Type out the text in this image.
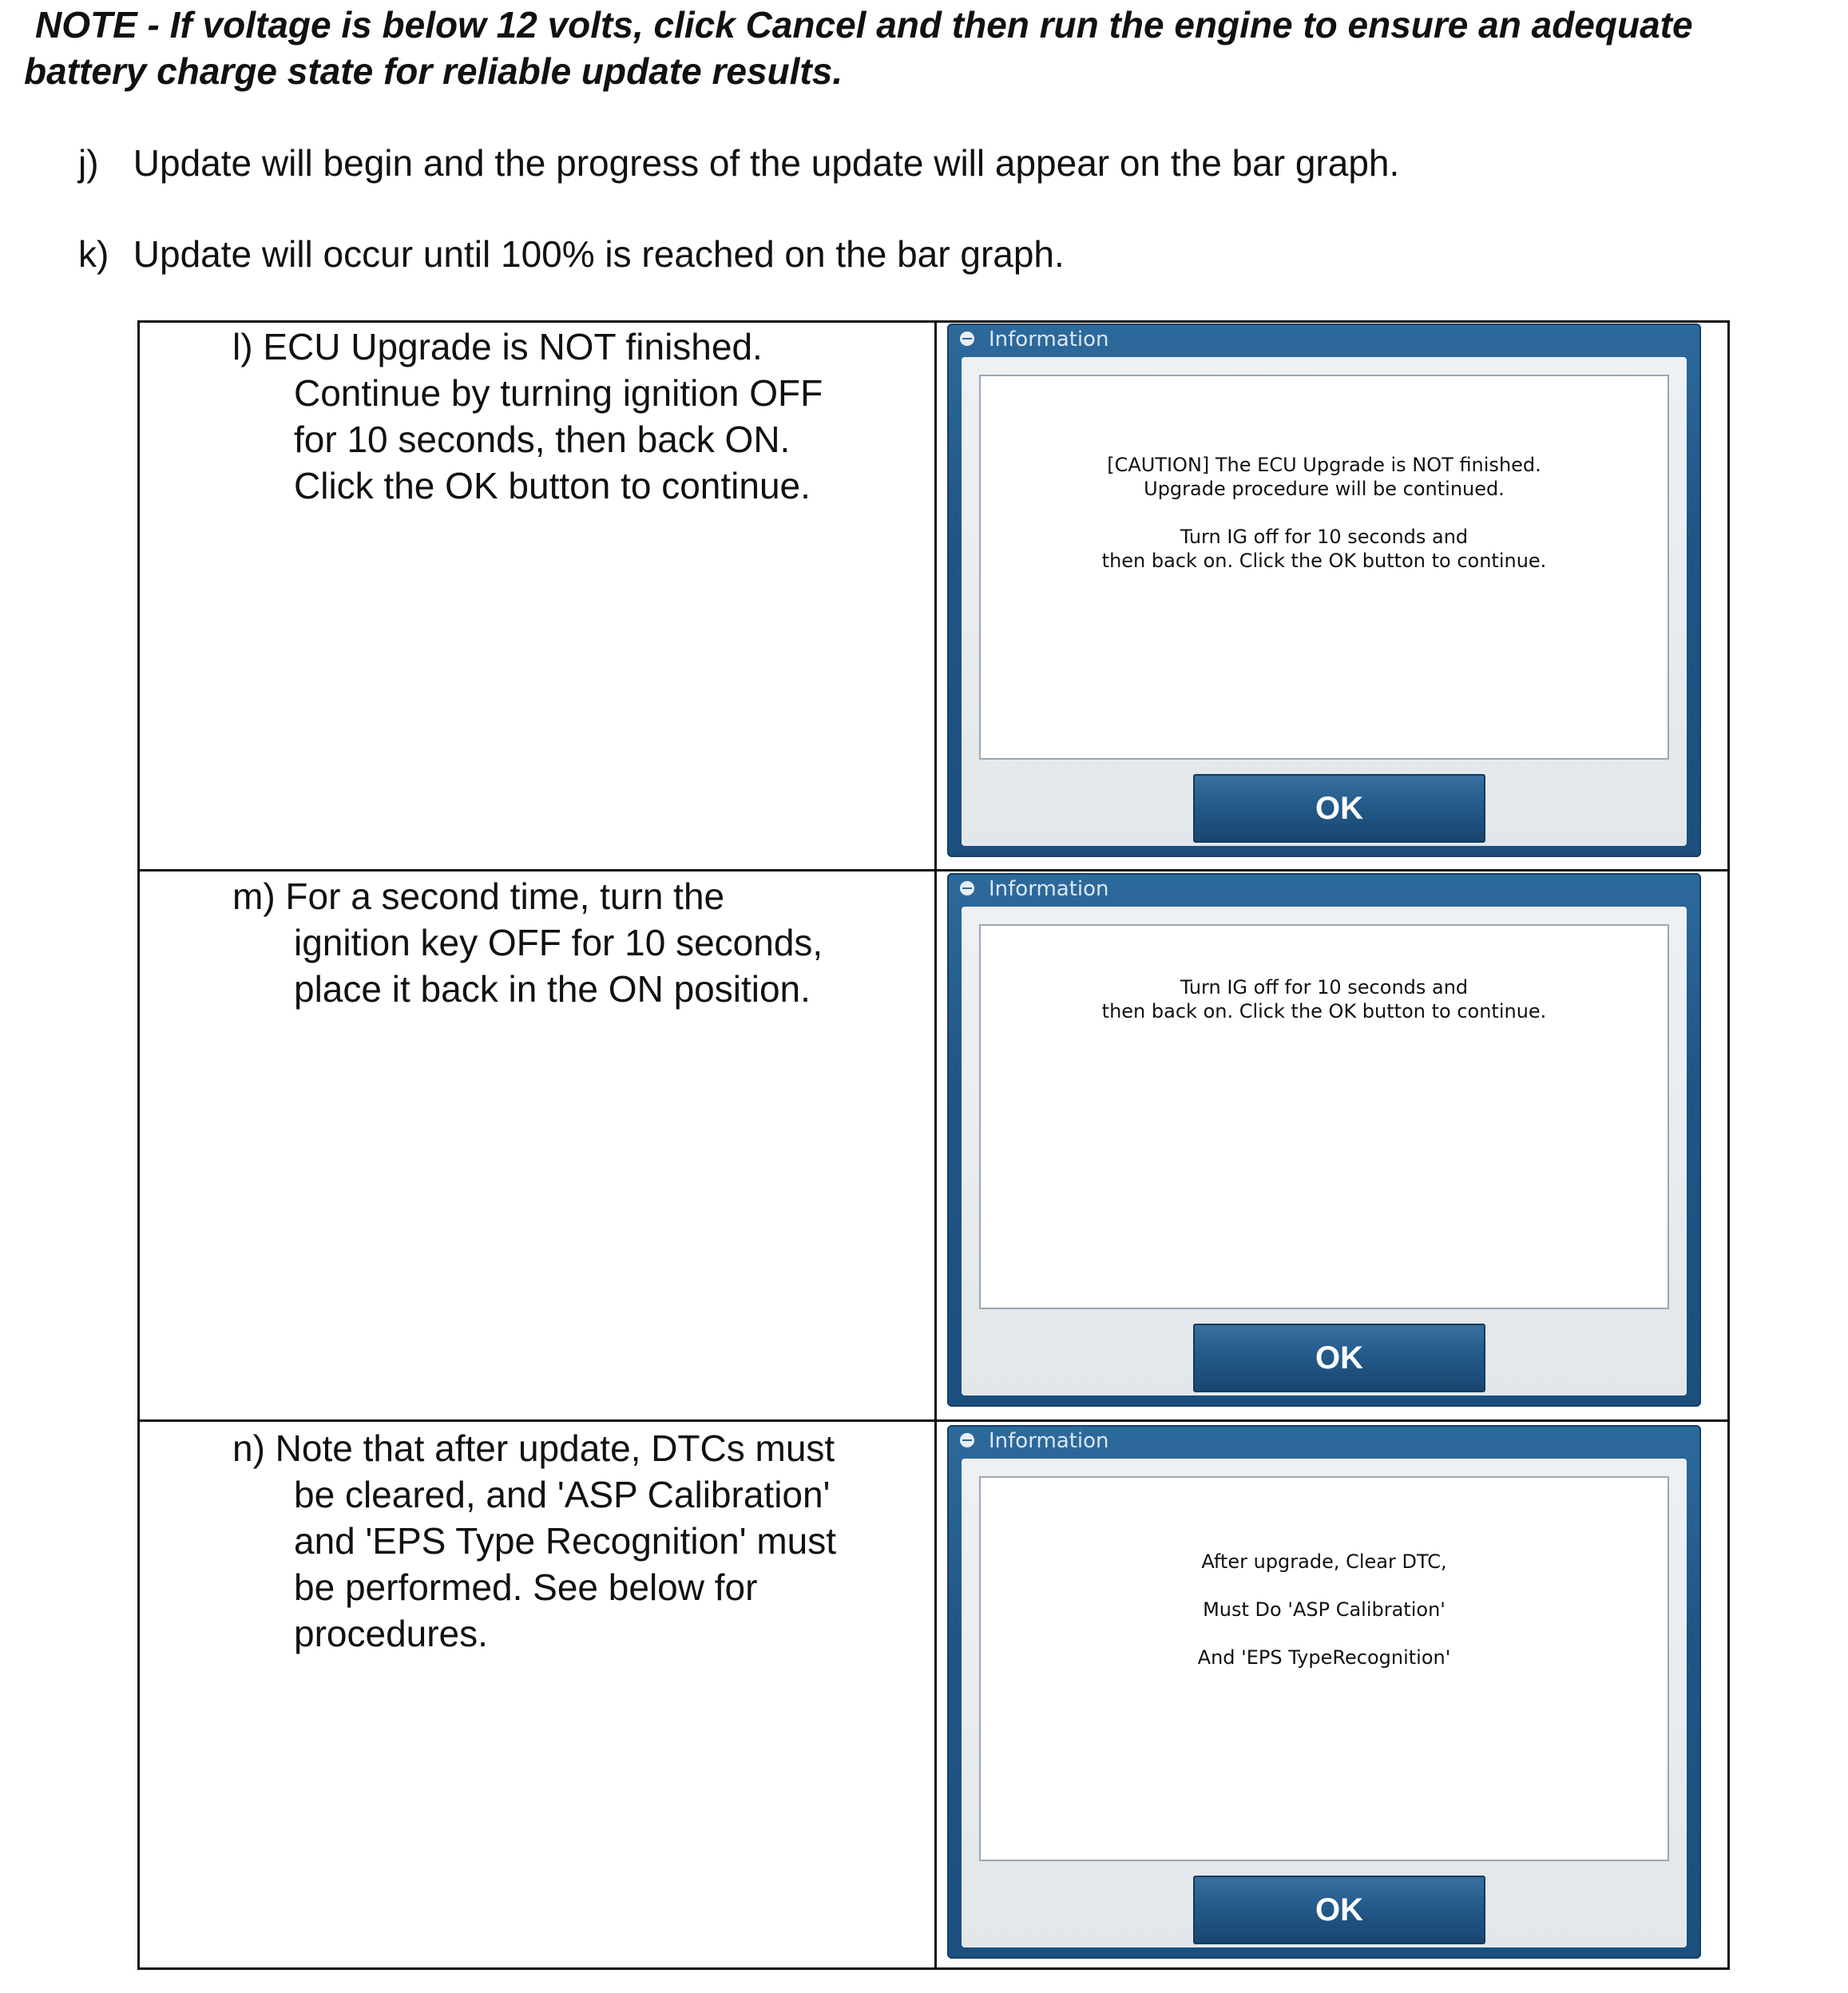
NOTE - If voltage is below 12 volts, click Cancel and then run the engine to ensure an adequate
battery charge state for reliable update results.
j) Update will begin and the progress of the update will appear on the bar graph.
k) Update will occur until 100% is reached on the bar graph.
l) ECU Upgrade is NOT finished.
Continue by turning ignition OFF
for 10 seconds, then back ON.
Click the OK button to continue.
Information
[CAUTION] The ECU Upgrade is NOT finished.
Upgrade procedure will be continued.
Turn IG off for 10 seconds and
then back on. Click the OK button to continue.
OK
m) For a second time, turn the
ignition key OFF for 10 seconds,
place it back in the ON position.
Information
Turn IG off for 10 seconds and
then back on. Click the OK button to continue.
OK
n) Note that after update, DTCs must
be cleared, and 'ASP Calibration'
and 'EPS Type Recognition' must
be performed. See below for
procedures.
Information
After upgrade, Clear DTC,
Must Do 'ASP Calibration'
And 'EPS TypeRecognition'
OK
